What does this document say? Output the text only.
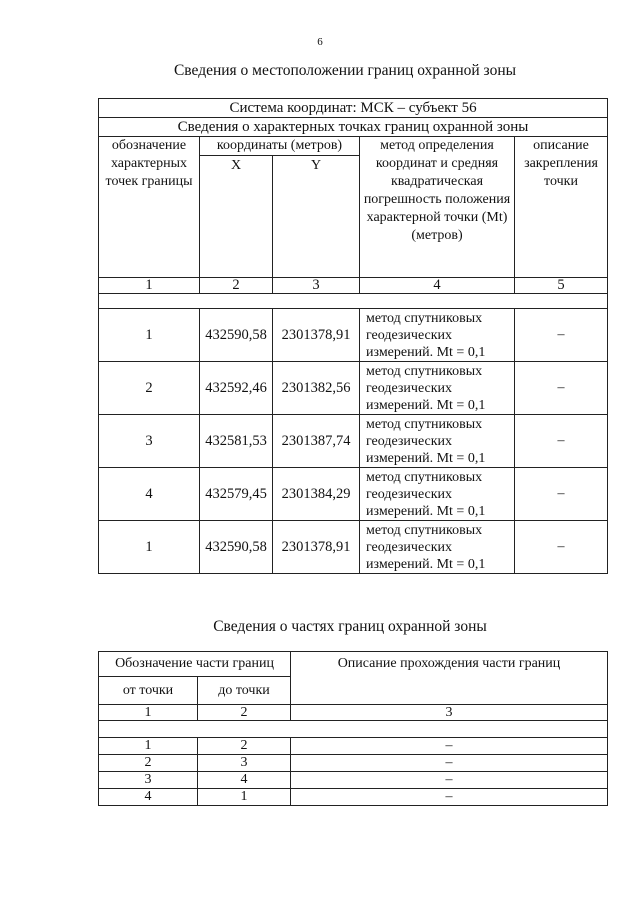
6
Сведения о местоположении границ охранной зоны
Система координат: МСК – субъект 56				
Сведения о характерных точках границ охранной зоны				
обозначение характерных точек границы	координаты (метров)		метод определения координат и средняя квадратическая погрешность положения характерной точки (Mt) (метров)	описание закрепления точки
	X	Y		
1	2	3	4	5

1	432590,58	2301378,91	метод спутниковых геодезических измерений. Mt = 0,1	–
2	432592,46	2301382,56	метод спутниковых геодезических измерений. Mt = 0,1	–
3	432581,53	2301387,74	метод спутниковых геодезических измерений. Mt = 0,1	–
4	432579,45	2301384,29	метод спутниковых геодезических измерений. Mt = 0,1	–
1	432590,58	2301378,91	метод спутниковых геодезических измерений. Mt = 0,1	–
Сведения о частях границ охранной зоны
Обозначение части границ		Описание прохождения части границ
от точки	до точки	
1	2	3

1	2	–
2	3	–
3	4	–
4	1	–
